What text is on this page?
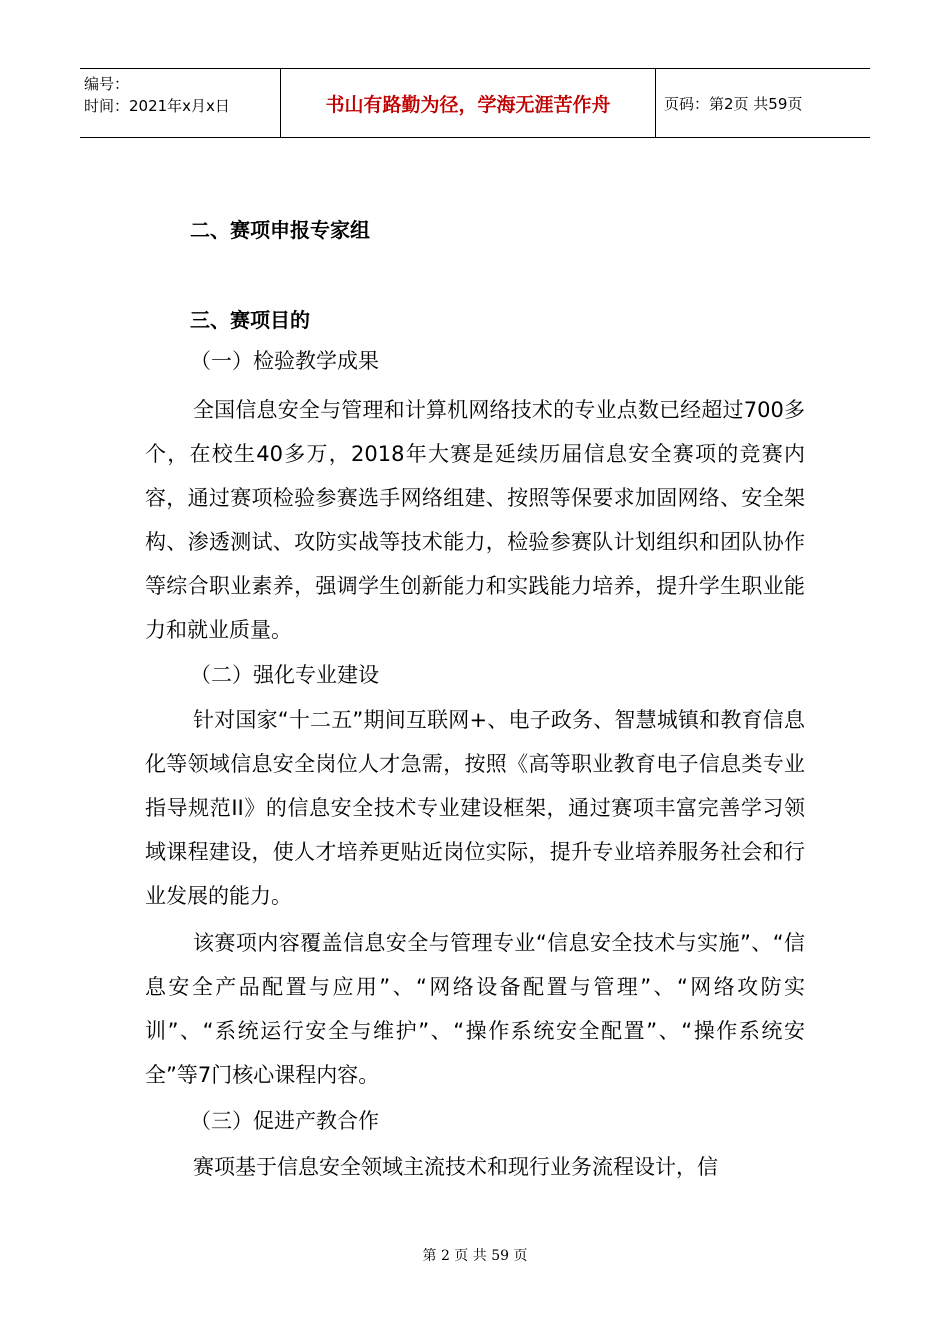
编号：
时间：2021年x月x日	书山有路勤为径，学海无涯苦作舟	页码：第2页 共59页
二、赛项申报专家组
三、赛项目的
（一）检验教学成果

全国信息安全与管理和计算机网络技术的专业点数已经超过700多个，在校生40多万，2018年大赛是延续历届信息安全赛项的竞赛内容，通过赛项检验参赛选手网络组建、按照等保要求加固网络、安全架构、渗透测试、攻防实战等技术能力，检验参赛队计划组织和团队协作等综合职业素养，强调学生创新能力和实践能力培养，提升学生职业能力和就业质量。

（二）强化专业建设

针对国家“十二五”期间互联网+、电子政务、智慧城镇和教育信息化等领域信息安全岗位人才急需，按照《高等职业教育电子信息类专业指导规范II》的信息安全技术专业建设框架，通过赛项丰富完善学习领域课程建设，使人才培养更贴近岗位实际，提升专业培养服务社会和行业发展的能力。

该赛项内容覆盖信息安全与管理专业“信息安全技术与实施”、“信息安全产品配置与应用”、“网络设备配置与管理”、“网络攻防实训”、“系统运行安全与维护”、“操作系统安全配置”、“操作系统安全”等7门核心课程内容。

（三）促进产教合作

赛项基于信息安全领域主流技术和现行业务流程设计，信

第 2 页 共 59 页
